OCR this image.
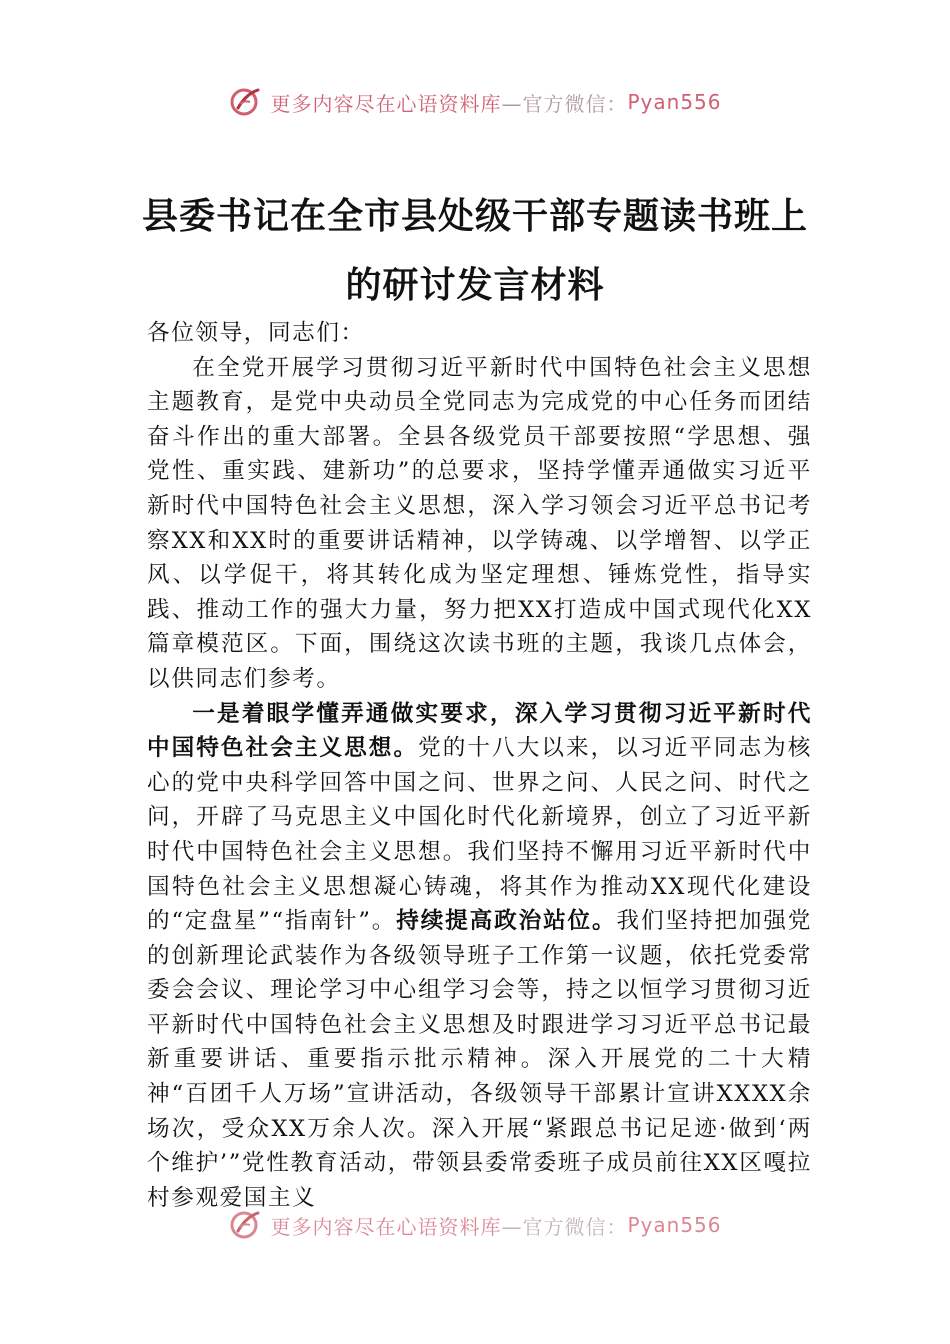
更多内容尽在心语资料库 —官方微信： Pyan556
县委书记在全市县处级干部专题读书班上
的研讨发言材料

各位领导，同志们：

在全党开展学习贯彻习近平新时代中国特色社会主义思想主题教育，是党中央动员全党同志为完成党的中心任务而团结奋斗作出的重大部署。全县各级党员干部要按照“学思想、强党性、重实践、建新功”的总要求，坚持学懂弄通做实习近平新时代中国特色社会主义思想，深入学习领会习近平总书记考察XX和XX时的重要讲话精神，以学铸魂、以学增智、以学正风、以学促干，将其转化成为坚定理想、锤炼党性，指导实践、推动工作的强大力量，努力把XX打造成中国式现代化XX篇章模范区。下面，围绕这次读书班的主题，我谈几点体会，以供同志们参考。

一是着眼学懂弄通做实要求，深入学习贯彻习近平新时代中国特色社会主义思想。党的十八大以来，以习近平同志为核心的党中央科学回答中国之问、世界之问、人民之问、时代之问，开辟了马克思主义中国化时代化新境界，创立了习近平新时代中国特色社会主义思想。我们坚持不懈用习近平新时代中国特色社会主义思想凝心铸魂，将其作为推动XX现代化建设的“定盘星”“指南针”。持续提高政治站位。我们坚持把加强党的创新理论武装作为各级领导班子工作第一议题，依托党委常委会会议、理论学习中心组学习会等，持之以恒学习贯彻习近平新时代中国特色社会主义思想及时跟进学习习近平总书记最新重要讲话、重要指示批示精神。深入开展党的二十大精神“百团千人万场”宣讲活动，各级领导干部累计宣讲XXXX余场次，受众XX万余人次。深入开展“紧跟总书记足迹·做到‘两个维护’”党性教育活动，带领县委常委班子成员前往XX区嘎拉村参观爱国主义

更多内容尽在心语资料库 —官方微信： Pyan556
